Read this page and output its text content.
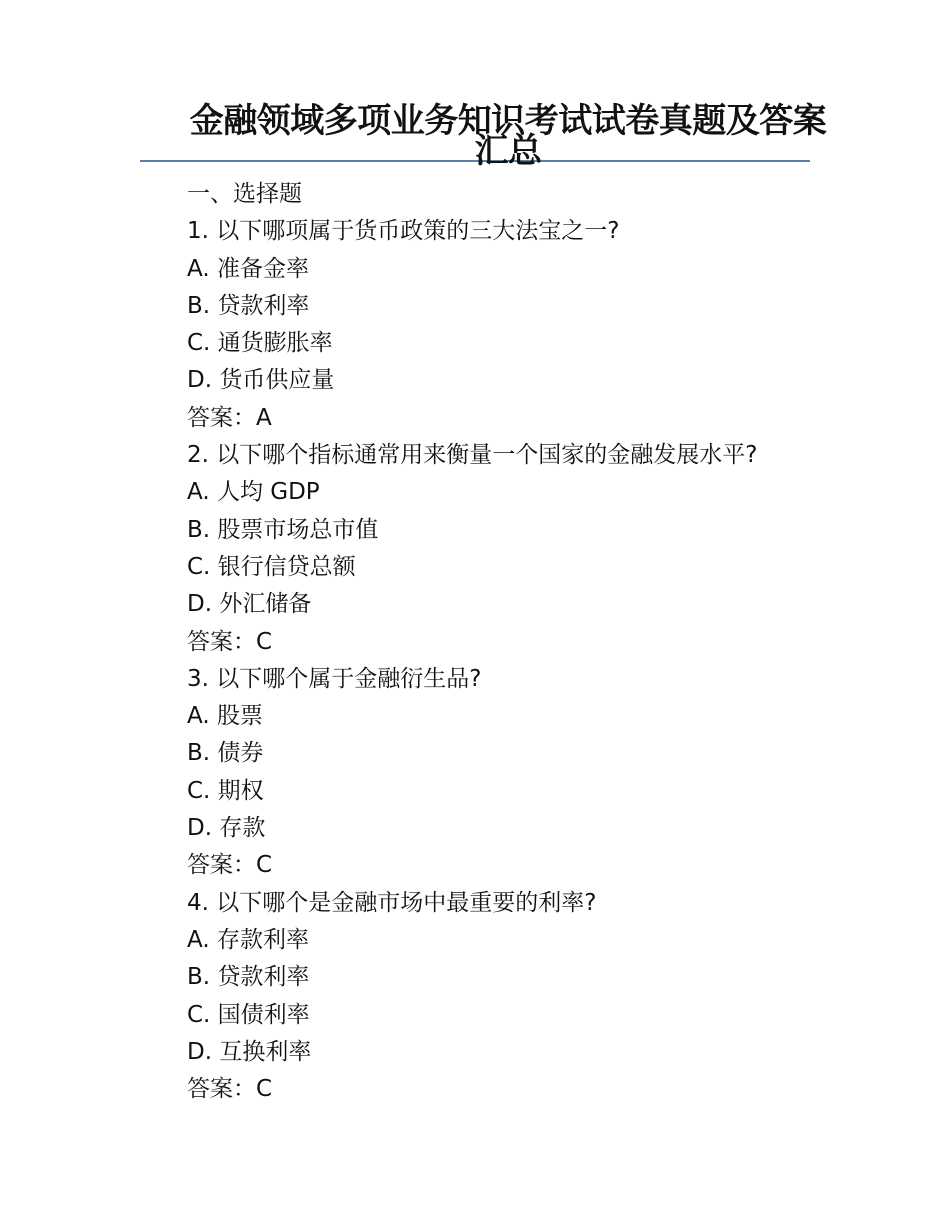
金融领域多项业务知识考试试卷真题及答案汇总
一、选择题
1. 以下哪项属于货币政策的三大法宝之一?
A. 准备金率
B. 贷款利率
C. 通货膨胀率
D. 货币供应量
答案：A
2. 以下哪个指标通常用来衡量一个国家的金融发展水平?
A. 人均 GDP
B. 股票市场总市值
C. 银行信贷总额
D. 外汇储备
答案：C
3. 以下哪个属于金融衍生品?
A. 股票
B. 债券
C. 期权
D. 存款
答案：C
4. 以下哪个是金融市场中最重要的利率?
A. 存款利率
B. 贷款利率
C. 国债利率
D. 互换利率
答案：C
